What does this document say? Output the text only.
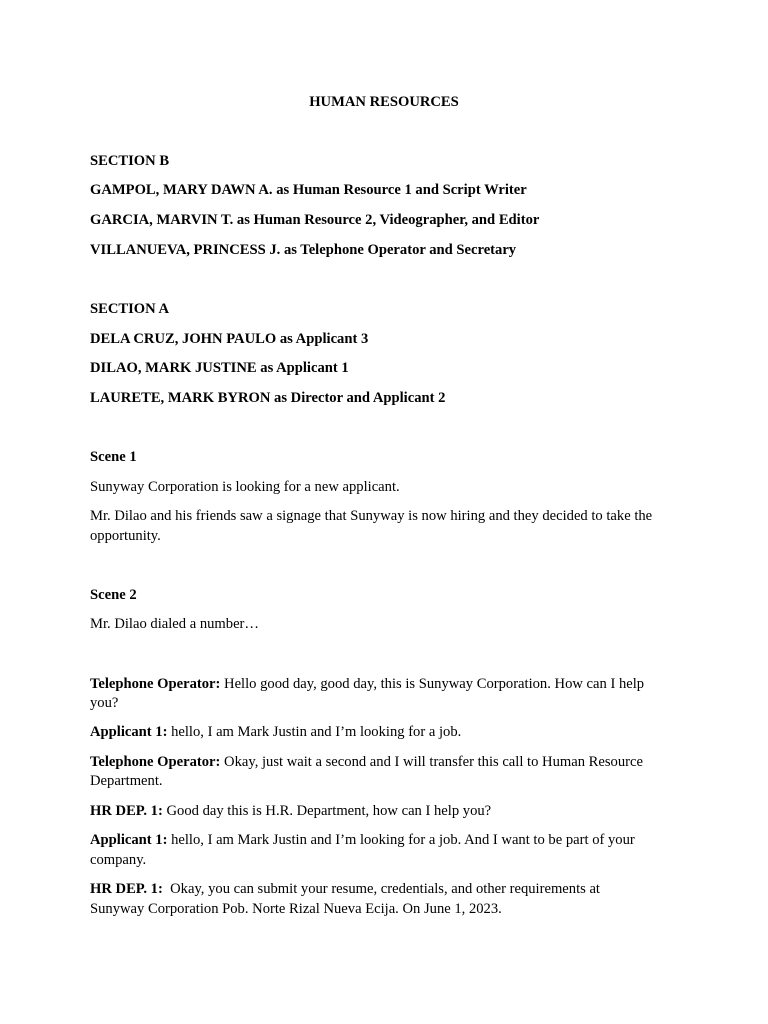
HUMAN RESOURCES
SECTION B
GAMPOL, MARY DAWN A. as Human Resource 1 and Script Writer
GARCIA, MARVIN T. as Human Resource 2, Videographer, and Editor
VILLANUEVA, PRINCESS J. as Telephone Operator and Secretary
SECTION A
DELA CRUZ, JOHN PAULO as Applicant 3
DILAO, MARK JUSTINE as Applicant 1
LAURETE, MARK BYRON as Director and Applicant 2
Scene 1
Sunyway Corporation is looking for a new applicant.
Mr. Dilao and his friends saw a signage that Sunyway is now hiring and they decided to take the
opportunity.
Scene 2
Mr. Dilao dialed a number…
Telephone Operator: Hello good day, good day, this is Sunyway Corporation. How can I help
you?
Applicant 1: hello, I am Mark Justin and I’m looking for a job.
Telephone Operator: Okay, just wait a second and I will transfer this call to Human Resource
Department.
HR DEP. 1: Good day this is H.R. Department, how can I help you?
Applicant 1: hello, I am Mark Justin and I’m looking for a job. And I want to be part of your
company.
HR DEP. 1:  Okay, you can submit your resume, credentials, and other requirements at
Sunyway Corporation Pob. Norte Rizal Nueva Ecija. On June 1, 2023.
